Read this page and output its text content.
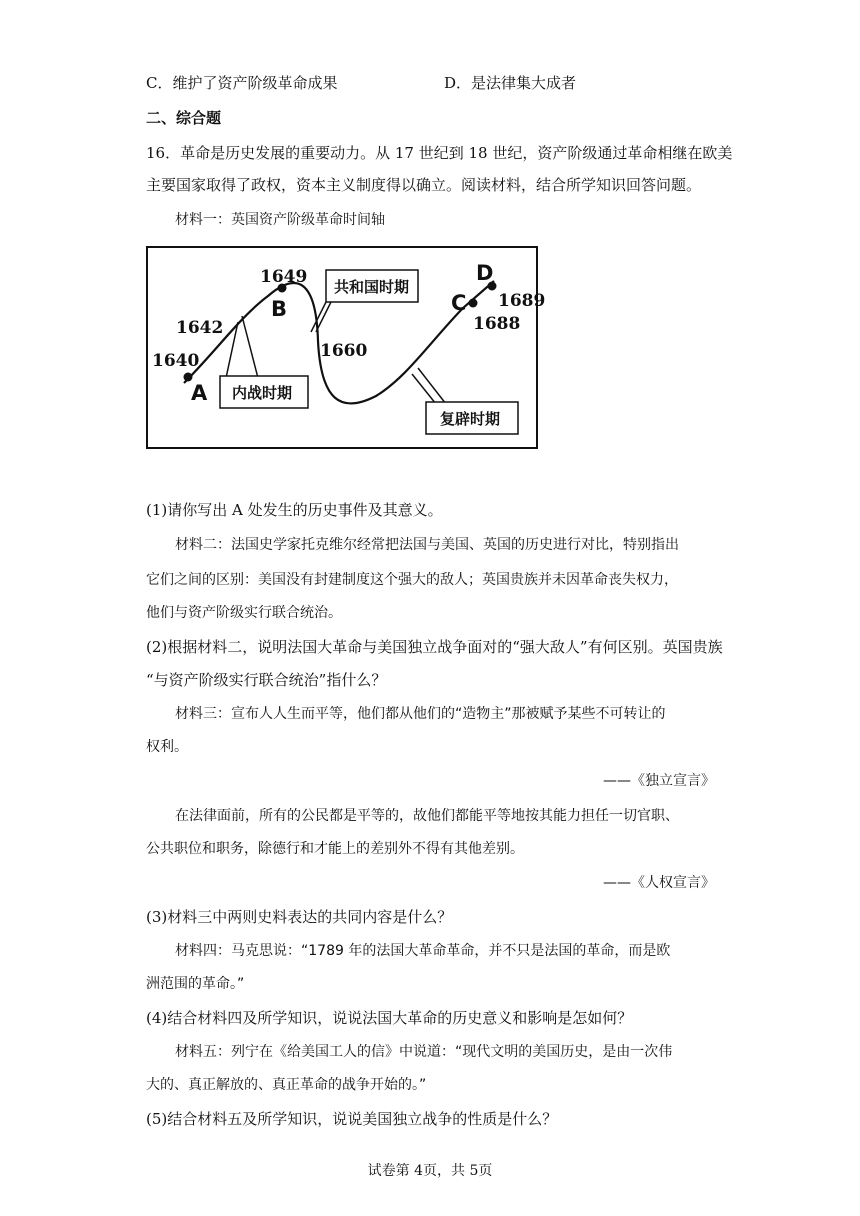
C．维护了资产阶级革命成果	D．是法律集大成者
二、综合题
16．革命是历史发展的重要动力。从 17 世纪到 18 世纪，资产阶级通过革命相继在欧美
主要国家取得了政权，资本主义制度得以确立。阅读材料，结合所学知识回答问题。
材料一：英国资产阶级革命时间轴
1640
1642
1649
1660
1688
1689
A
B	C
D
内战时期
共和国时期
复辟时期
(1)请你写出 A 处发生的历史事件及其意义。
材料二：法国史学家托克维尔经常把法国与美国、英国的历史进行对比，特别指出
它们之间的区别：美国没有封建制度这个强大的敌人；英国贵族并未因革命丧失权力，
他们与资产阶级实行联合统治。
(2)根据材料二，说明法国大革命与美国独立战争面对的“强大敌人”有何区别。英国贵族
“与资产阶级实行联合统治”指什么？
材料三：宣布人人生而平等，他们都从他们的“造物主”那被赋予某些不可转让的
权利。
——《独立宣言》
在法律面前，所有的公民都是平等的，故他们都能平等地按其能力担任一切官职、
公共职位和职务，除德行和才能上的差别外不得有其他差别。
——《人权宣言》
(3)材料三中两则史料表达的共同内容是什么？
材料四：马克思说：“1789 年的法国大革命革命，并不只是法国的革命，而是欧
洲范围的革命。”
(4)结合材料四及所学知识，说说法国大革命的历史意义和影响是怎如何？
材料五：列宁在《给美国工人的信》中说道：“现代文明的美国历史，是由一次伟
大的、真正解放的、真正革命的战争开始的。”
(5)结合材料五及所学知识，说说美国独立战争的性质是什么？
试卷第 4页，共 5页
